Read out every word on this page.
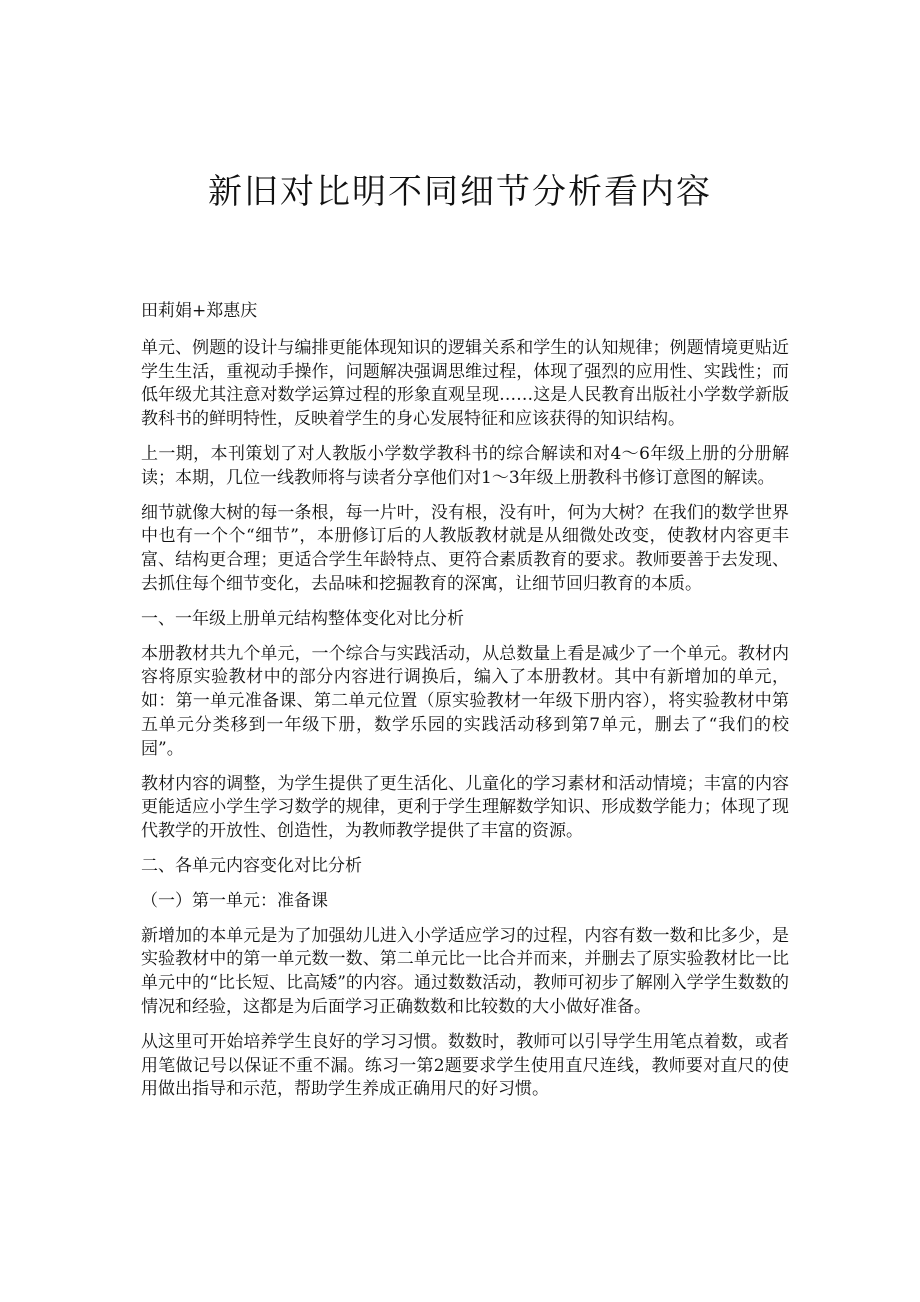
新旧对比明不同细节分析看内容

田莉娟+郑惠庆

单元、例题的设计与编排更能体现知识的逻辑关系和学生的认知规律；例题情境更贴近学生生活，重视动手操作，问题解决强调思维过程，体现了强烈的应用性、实践性；而低年级尤其注意对数学运算过程的形象直观呈现……这是人民教育出版社小学数学新版教科书的鲜明特性，反映着学生的身心发展特征和应该获得的知识结构。

上一期，本刊策划了对人教版小学数学教科书的综合解读和对4～6年级上册的分册解读；本期，几位一线教师将与读者分享他们对1～3年级上册教科书修订意图的解读。

细节就像大树的每一条根，每一片叶，没有根，没有叶，何为大树？在我们的数学世界中也有一个个“细节”，本册修订后的人教版教材就是从细微处改变，使教材内容更丰富、结构更合理；更适合学生年龄特点、更符合素质教育的要求。教师要善于去发现、去抓住每个细节变化，去品味和挖掘教育的深寓，让细节回归教育的本质。

一、一年级上册单元结构整体变化对比分析

本册教材共九个单元，一个综合与实践活动，从总数量上看是减少了一个单元。教材内容将原实验教材中的部分内容进行调换后，编入了本册教材。其中有新增加的单元，如：第一单元准备课、第二单元位置（原实验教材一年级下册内容），将实验教材中第五单元分类移到一年级下册，数学乐园的实践活动移到第7单元，删去了“我们的校园”。

教材内容的调整，为学生提供了更生活化、儿童化的学习素材和活动情境；丰富的内容更能适应小学生学习数学的规律，更利于学生理解数学知识、形成数学能力；体现了现代教学的开放性、创造性，为教师教学提供了丰富的资源。

二、各单元内容变化对比分析

（一）第一单元：准备课

新增加的本单元是为了加强幼儿进入小学适应学习的过程，内容有数一数和比多少，是实验教材中的第一单元数一数、第二单元比一比合并而来，并删去了原实验教材比一比单元中的“比长短、比高矮”的内容。通过数数活动，教师可初步了解刚入学学生数数的情况和经验，这都是为后面学习正确数数和比较数的大小做好准备。

从这里可开始培养学生良好的学习习惯。数数时，教师可以引导学生用笔点着数，或者用笔做记号以保证不重不漏。练习一第2题要求学生使用直尺连线，教师要对直尺的使用做出指导和示范，帮助学生养成正确用尺的好习惯。
